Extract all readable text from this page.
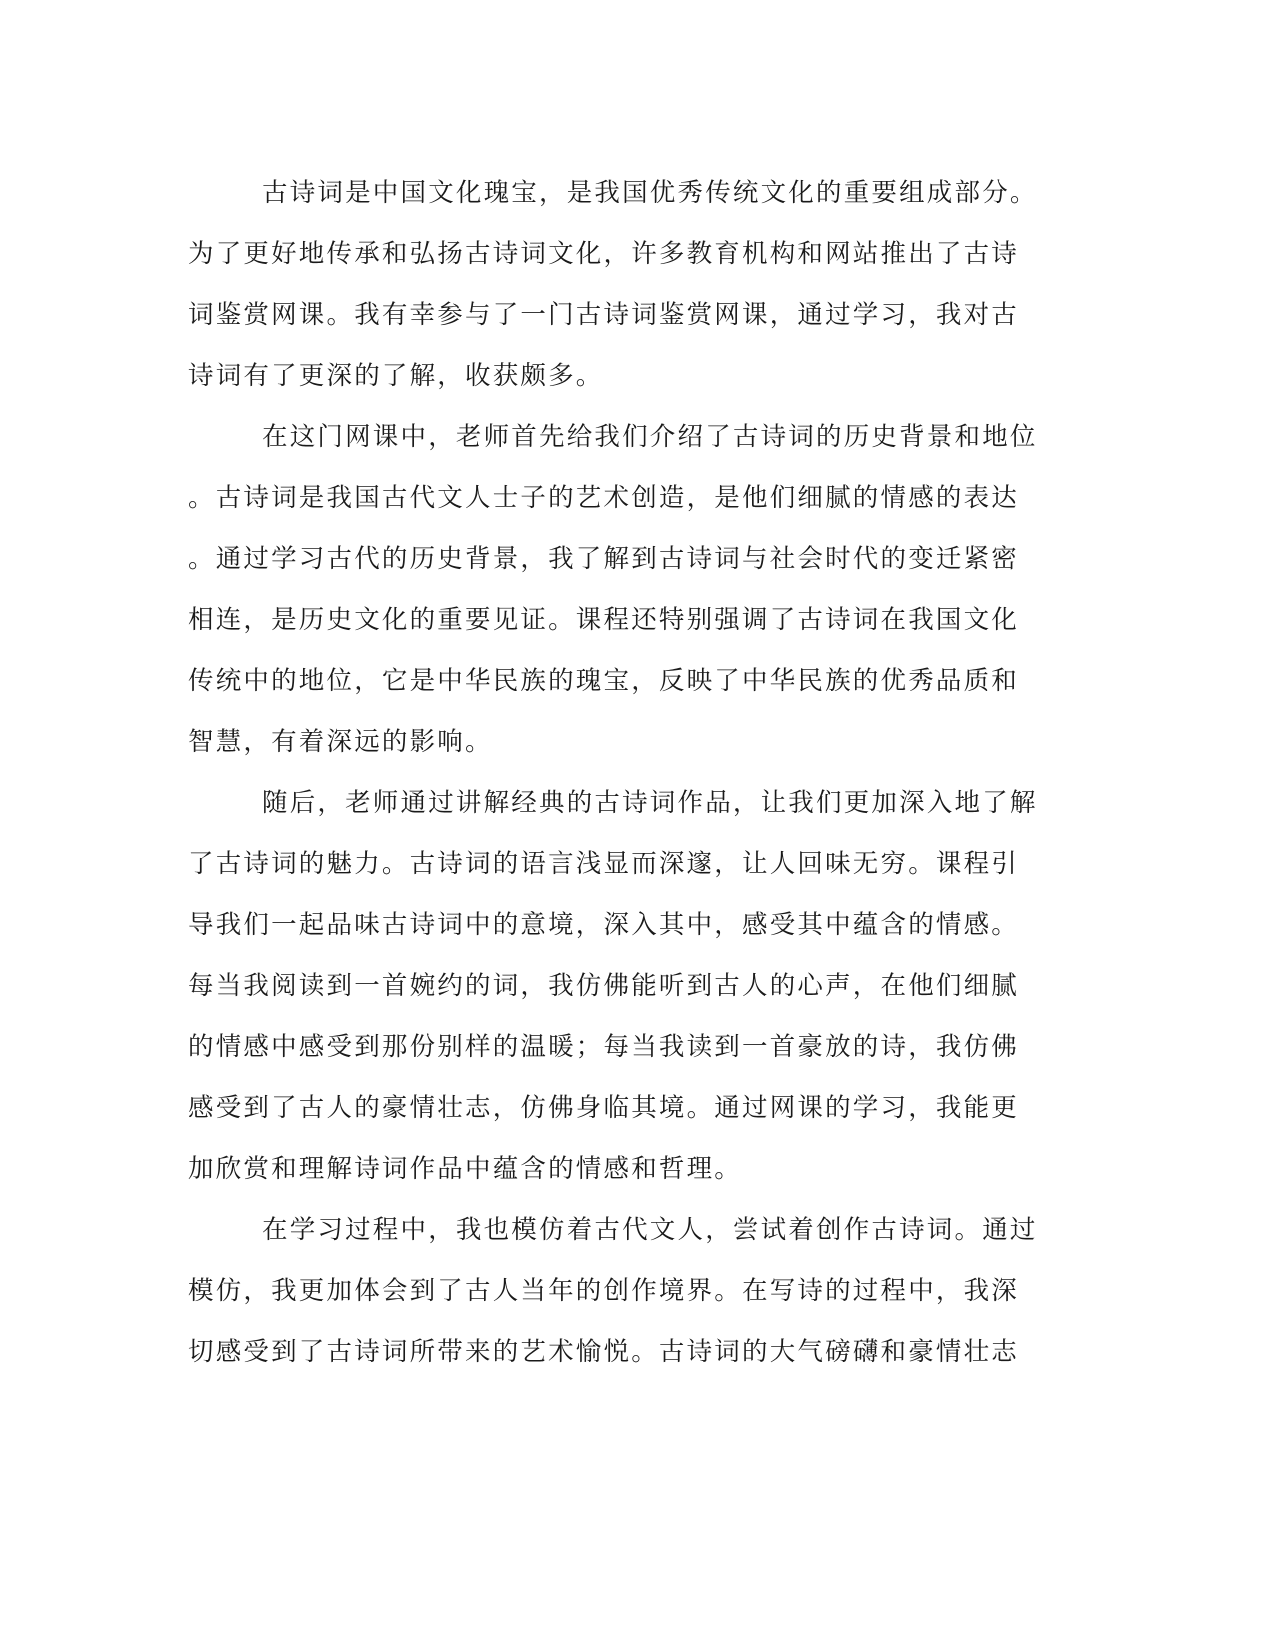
古诗词是中国文化瑰宝，是我国优秀传统文化的重要组成部分。
为了更好地传承和弘扬古诗词文化，许多教育机构和网站推出了古诗
词鉴赏网课。我有幸参与了一门古诗词鉴赏网课，通过学习，我对古
诗词有了更深的了解，收获颇多。
在这门网课中，老师首先给我们介绍了古诗词的历史背景和地位
。古诗词是我国古代文人士子的艺术创造，是他们细腻的情感的表达
。通过学习古代的历史背景，我了解到古诗词与社会时代的变迁紧密
相连，是历史文化的重要见证。课程还特别强调了古诗词在我国文化
传统中的地位，它是中华民族的瑰宝，反映了中华民族的优秀品质和
智慧，有着深远的影响。
随后，老师通过讲解经典的古诗词作品，让我们更加深入地了解
了古诗词的魅力。古诗词的语言浅显而深邃，让人回味无穷。课程引
导我们一起品味古诗词中的意境，深入其中，感受其中蕴含的情感。
每当我阅读到一首婉约的词，我仿佛能听到古人的心声，在他们细腻
的情感中感受到那份别样的温暖；每当我读到一首豪放的诗，我仿佛
感受到了古人的豪情壮志，仿佛身临其境。通过网课的学习，我能更
加欣赏和理解诗词作品中蕴含的情感和哲理。
在学习过程中，我也模仿着古代文人，尝试着创作古诗词。通过
模仿，我更加体会到了古人当年的创作境界。在写诗的过程中，我深
切感受到了古诗词所带来的艺术愉悦。古诗词的大气磅礴和豪情壮志
